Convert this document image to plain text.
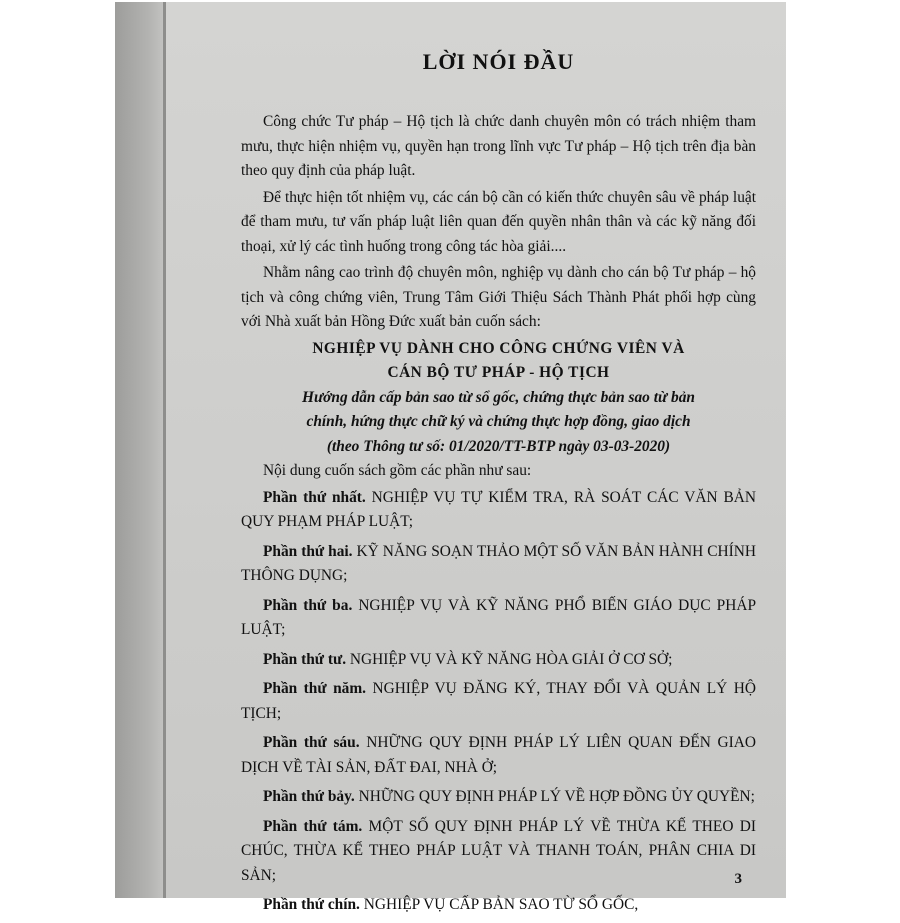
LỜI NÓI ĐẦU

Công chức Tư pháp – Hộ tịch là chức danh chuyên môn có trách nhiệm tham mưu, thực hiện nhiệm vụ, quyền hạn trong lĩnh vực Tư pháp – Hộ tịch trên địa bàn theo quy định của pháp luật.

Để thực hiện tốt nhiệm vụ, các cán bộ cần có kiến thức chuyên sâu về pháp luật để tham mưu, tư vấn pháp luật liên quan đến quyền nhân thân và các kỹ năng đối thoại, xử lý các tình huống trong công tác hòa giải....

Nhằm nâng cao trình độ chuyên môn, nghiệp vụ dành cho cán bộ Tư pháp – hộ tịch và công chứng viên, Trung Tâm Giới Thiệu Sách Thành Phát phối hợp cùng với Nhà xuất bản Hồng Đức xuất bản cuốn sách:

NGHIỆP VỤ DÀNH CHO CÔNG CHỨNG VIÊN VÀ

CÁN BỘ TƯ PHÁP - HỘ TỊCH

Hướng dẫn cấp bản sao từ sổ gốc, chứng thực bản sao từ bản

chính, hứng thực chữ ký và chứng thực hợp đồng, giao dịch

(theo Thông tư số: 01/2020/TT-BTP ngày 03-03-2020)

Nội dung cuốn sách gồm các phần như sau:

Phần thứ nhất. NGHIỆP VỤ TỰ KIỂM TRA, RÀ SOÁT CÁC VĂN BẢN QUY PHẠM PHÁP LUẬT;

Phần thứ hai. KỸ NĂNG SOẠN THẢO MỘT SỐ VĂN BẢN HÀNH CHÍNH THÔNG DỤNG;

Phần thứ ba. NGHIỆP VỤ VÀ KỸ NĂNG PHỔ BIẾN GIÁO DỤC PHÁP LUẬT;

Phần thứ tư. NGHIỆP VỤ VÀ KỸ NĂNG HÒA GIẢI Ở CƠ SỞ;

Phần thứ năm. NGHIỆP VỤ ĐĂNG KÝ, THAY ĐỔI VÀ QUẢN LÝ HỘ TỊCH;

Phần thứ sáu. NHỮNG QUY ĐỊNH PHÁP LÝ LIÊN QUAN ĐẾN GIAO DỊCH VỀ TÀI SẢN, ĐẤT ĐAI, NHÀ Ở;

Phần thứ bảy. NHỮNG QUY ĐỊNH PHÁP LÝ VỀ HỢP ĐỒNG ỦY QUYỀN;

Phần thứ tám. MỘT SỐ QUY ĐỊNH PHÁP LÝ VỀ THỪA KẾ THEO DI CHÚC, THỪA KẾ THEO PHÁP LUẬT VÀ THANH TOÁN, PHÂN CHIA DI SẢN;

Phần thứ chín. NGHIỆP VỤ CẤP BẢN SAO TỪ SỔ GỐC,

3
